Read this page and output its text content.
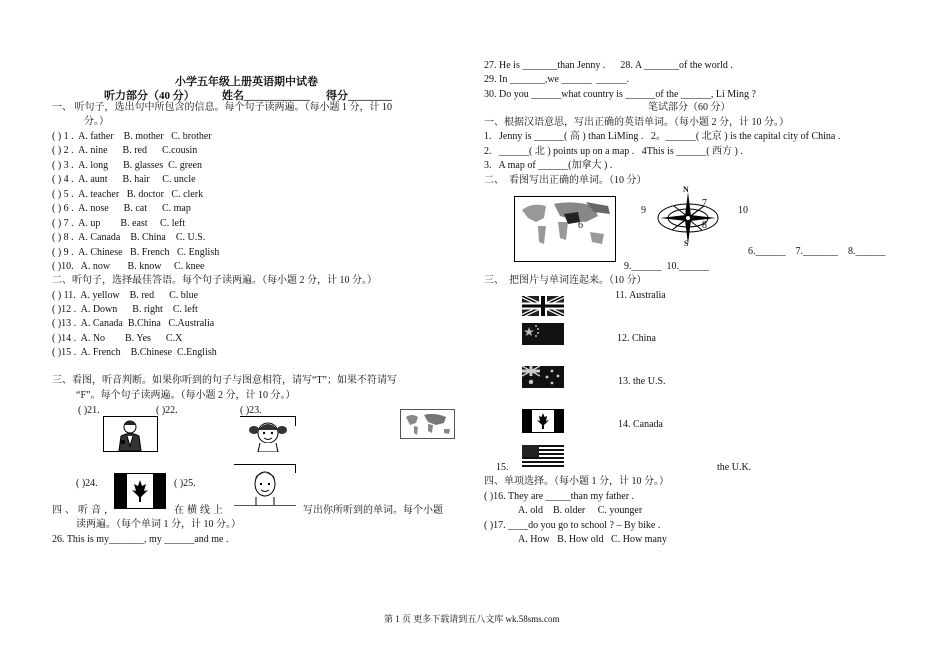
小学五年级上册英语期中试卷
听力部分（40 分） 姓名____________ 得分________
一、 听句子，选出句中所包含的信息。每个句子读两遍。（每小题 1 分，计 10
分。）
( ) 1 .  A. father    B. mother   C. brother
( ) 2 .  A. nine      B. red      C.cousin
( ) 3 .  A. long      B. glasses  C. green
( ) 4 .  A. aunt      B. hair     C. uncle
( ) 5 .  A. teacher   B. doctor   C. clerk
( ) 6 .  A. nose      B. cat      C. map
( ) 7 .  A. up        B. east     C. left
( ) 8 .  A. Canada    B. China    C. U.S.
( ) 9 .  A. Chinese   B. French   C. English
( )10.   A. now       B. know     C. knee
二、听句子，选择最佳答语。每个句子读两遍。（每小题 2 分，计 10 分。）
( ) 11.  A. yellow    B. red      C. blue
( )12 .  A. Down      B. right    C. left
( )13 .  A. Canada  B.China   C.Australia
( )14 .  A. No        B. Yes      C.X
( )15 .  A. French    B.Chinese  C.English
三、看图，听音判断。如果你听到的句子与图意相符，请写“T”；如果不符请写
“F”。每个句子读两遍。（每小题 2 分，计 10 分。）
( )21.	( )22.	( )23.
( )24.	( )25.
四、听音，	在横线上	写出你所听到的单词。每个小题
读两遍。（每个单词 1 分，计 10 分。）
26. This is my_______, my ______and me .
27. He is _______than Jenny .      28. A _______of the world .
29. In _______,we ______  ______.
30. Do you ______what country is ______of the ______, Li Ming ?
笔试部分（60 分）
一、根据汉语意思，写出正确的英语单词。（每小题 2 分，计 10 分。）
1.   Jenny is ______( 高 ) than LiMing .   2。______( 北京 ) is the capital city of China .
2.   ______( 北 ) points up on a map .   4This is ______( 西方 ) .
3.   A map of ______(加拿大 ) .
二、  看图写出正确的单词。（10 分）
6
N
S
7
8
9	10
6.______    7._______    8.______
9.______  10.______
三、  把图片与单词连起来。（10 分）
11. Australia
12. China
13. the U.S.
14. Canada
15.	the U.K.
四、单项选择。（每小题 1 分，计 10 分。）
( )16. They are _____than my father .
A. old    B. older     C. younger
( )17. ____do you go to school ? – By bike .
A. How   B. How old   C. How many
第 1 页 更多下载请到五八文库 wk.58sms.com
